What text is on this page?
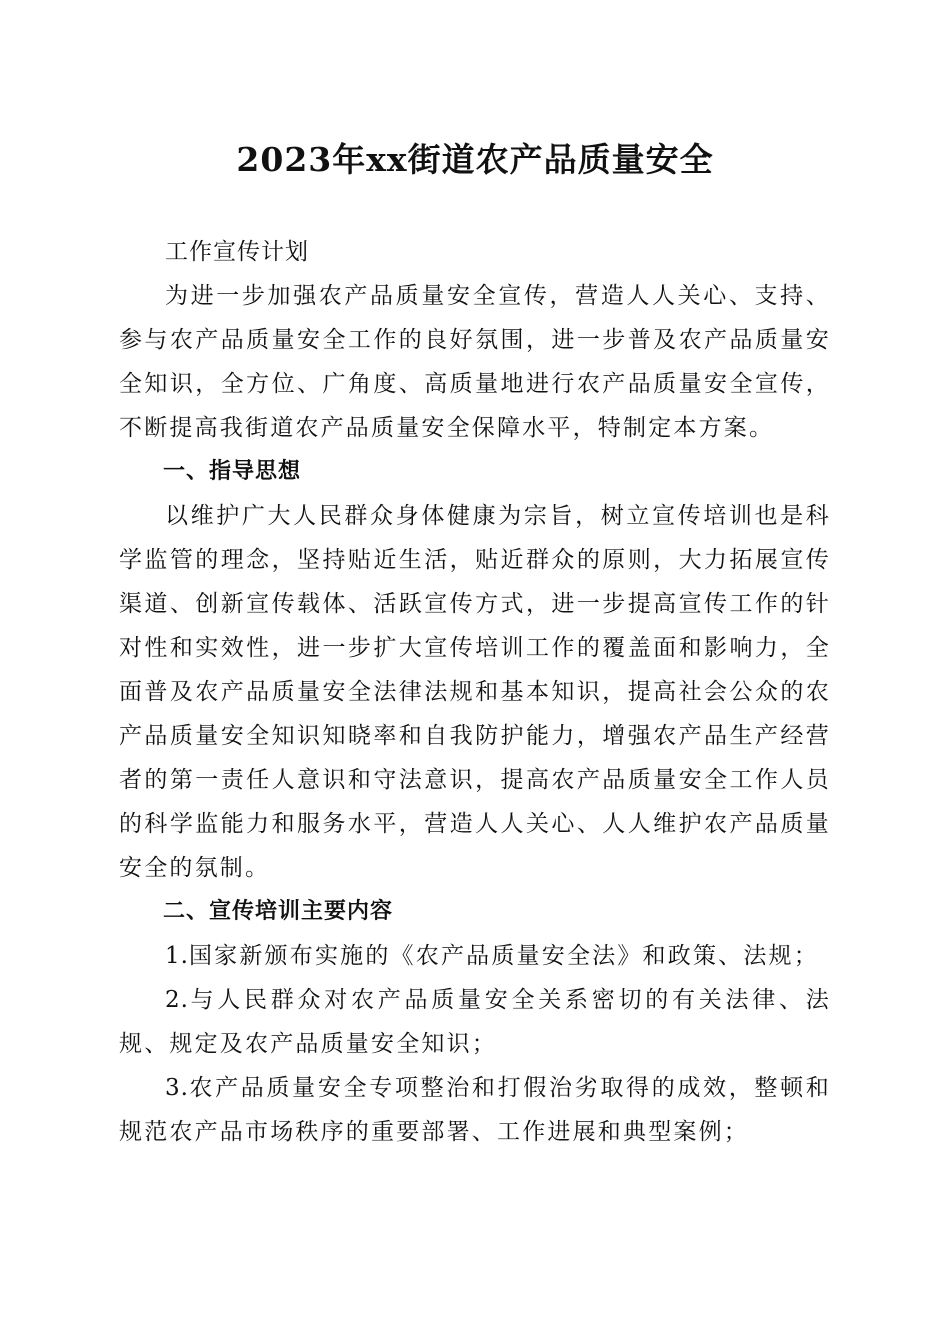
2023年xx街道农产品质量安全

工作宣传计划

为进一步加强农产品质量安全宣传，营造人人关心、支持、参与农产品质量安全工作的良好氛围，进一步普及农产品质量安全知识，全方位、广角度、高质量地进行农产品质量安全宣传，不断提高我街道农产品质量安全保障水平，特制定本方案。

一、指导思想

以维护广大人民群众身体健康为宗旨，树立宣传培训也是科学监管的理念，坚持贴近生活，贴近群众的原则，大力拓展宣传渠道、创新宣传载体、活跃宣传方式，进一步提高宣传工作的针对性和实效性，进一步扩大宣传培训工作的覆盖面和影响力，全面普及农产品质量安全法律法规和基本知识，提高社会公众的农产品质量安全知识知晓率和自我防护能力，增强农产品生产经营者的第一责任人意识和守法意识，提高农产品质量安全工作人员的科学监能力和服务水平，营造人人关心、人人维护农产品质量安全的氛制。

二、宣传培训主要内容

1.国家新颁布实施的《农产品质量安全法》和政策、法规；

2.与人民群众对农产品质量安全关系密切的有关法律、法规、规定及农产品质量安全知识；

3.农产品质量安全专项整治和打假治劣取得的成效，整顿和规范农产品市场秩序的重要部署、工作进展和典型案例；
